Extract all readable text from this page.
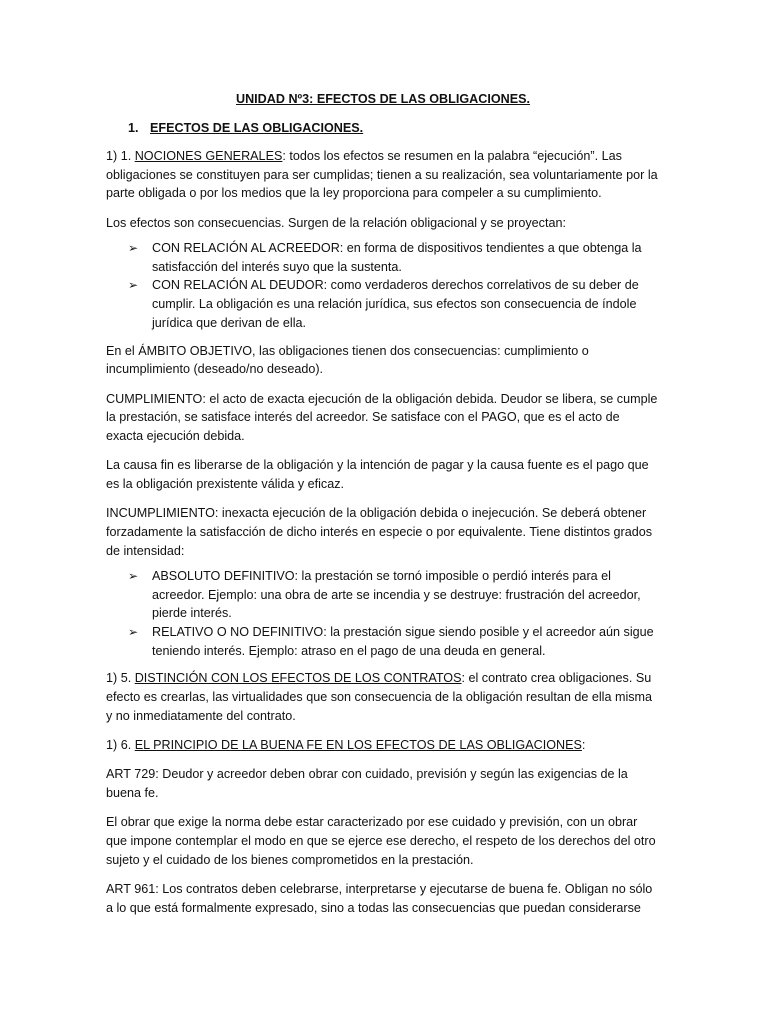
UNIDAD Nº3: EFECTOS DE LAS OBLIGACIONES.
1. EFECTOS DE LAS OBLIGACIONES.

1) 1. NOCIONES GENERALES: todos los efectos se resumen en la palabra “ejecución”. Las obligaciones se constituyen para ser cumplidas; tienen a su realización, sea voluntariamente por la parte obligada o por los medios que la ley proporciona para compeler a su cumplimiento.

Los efectos son consecuencias. Surgen de la relación obligacional y se proyectan:

➢ CON RELACIÓN AL ACREEDOR: en forma de dispositivos tendientes a que obtenga la satisfacción del interés suyo que la sustenta.
➢ CON RELACIÓN AL DEUDOR: como verdaderos derechos correlativos de su deber de cumplir. La obligación es una relación jurídica, sus efectos son consecuencia de índole jurídica que derivan de ella.

En el ÁMBITO OBJETIVO, las obligaciones tienen dos consecuencias: cumplimiento o incumplimiento (deseado/no deseado).

CUMPLIMIENTO: el acto de exacta ejecución de la obligación debida. Deudor se libera, se cumple la prestación, se satisface interés del acreedor. Se satisface con el PAGO, que es el acto de exacta ejecución debida.

La causa fin es liberarse de la obligación y la intención de pagar y la causa fuente es el pago que es la obligación prexistente válida y eficaz.

INCUMPLIMIENTO: inexacta ejecución de la obligación debida o inejecución. Se deberá obtener forzadamente la satisfacción de dicho interés en especie o por equivalente. Tiene distintos grados de intensidad:

➢ ABSOLUTO DEFINITIVO: la prestación se tornó imposible o perdió interés para el acreedor. Ejemplo: una obra de arte se incendia y se destruye: frustración del acreedor, pierde interés.
➢ RELATIVO O NO DEFINITIVO: la prestación sigue siendo posible y el acreedor aún sigue teniendo interés. Ejemplo: atraso en el pago de una deuda en general.

1) 5. DISTINCIÓN CON LOS EFECTOS DE LOS CONTRATOS: el contrato crea obligaciones. Su efecto es crearlas, las virtualidades que son consecuencia de la obligación resultan de ella misma y no inmediatamente del contrato.

1) 6. EL PRINCIPIO DE LA BUENA FE EN LOS EFECTOS DE LAS OBLIGACIONES:

ART 729: Deudor y acreedor deben obrar con cuidado, previsión y según las exigencias de la buena fe.

El obrar que exige la norma debe estar caracterizado por ese cuidado y previsión, con un obrar que impone contemplar el modo en que se ejerce ese derecho, el respeto de los derechos del otro sujeto y el cuidado de los bienes comprometidos en la prestación.

ART 961: Los contratos deben celebrarse, interpretarse y ejecutarse de buena fe. Obligan no sólo a lo que está formalmente expresado, sino a todas las consecuencias que puedan considerarse
